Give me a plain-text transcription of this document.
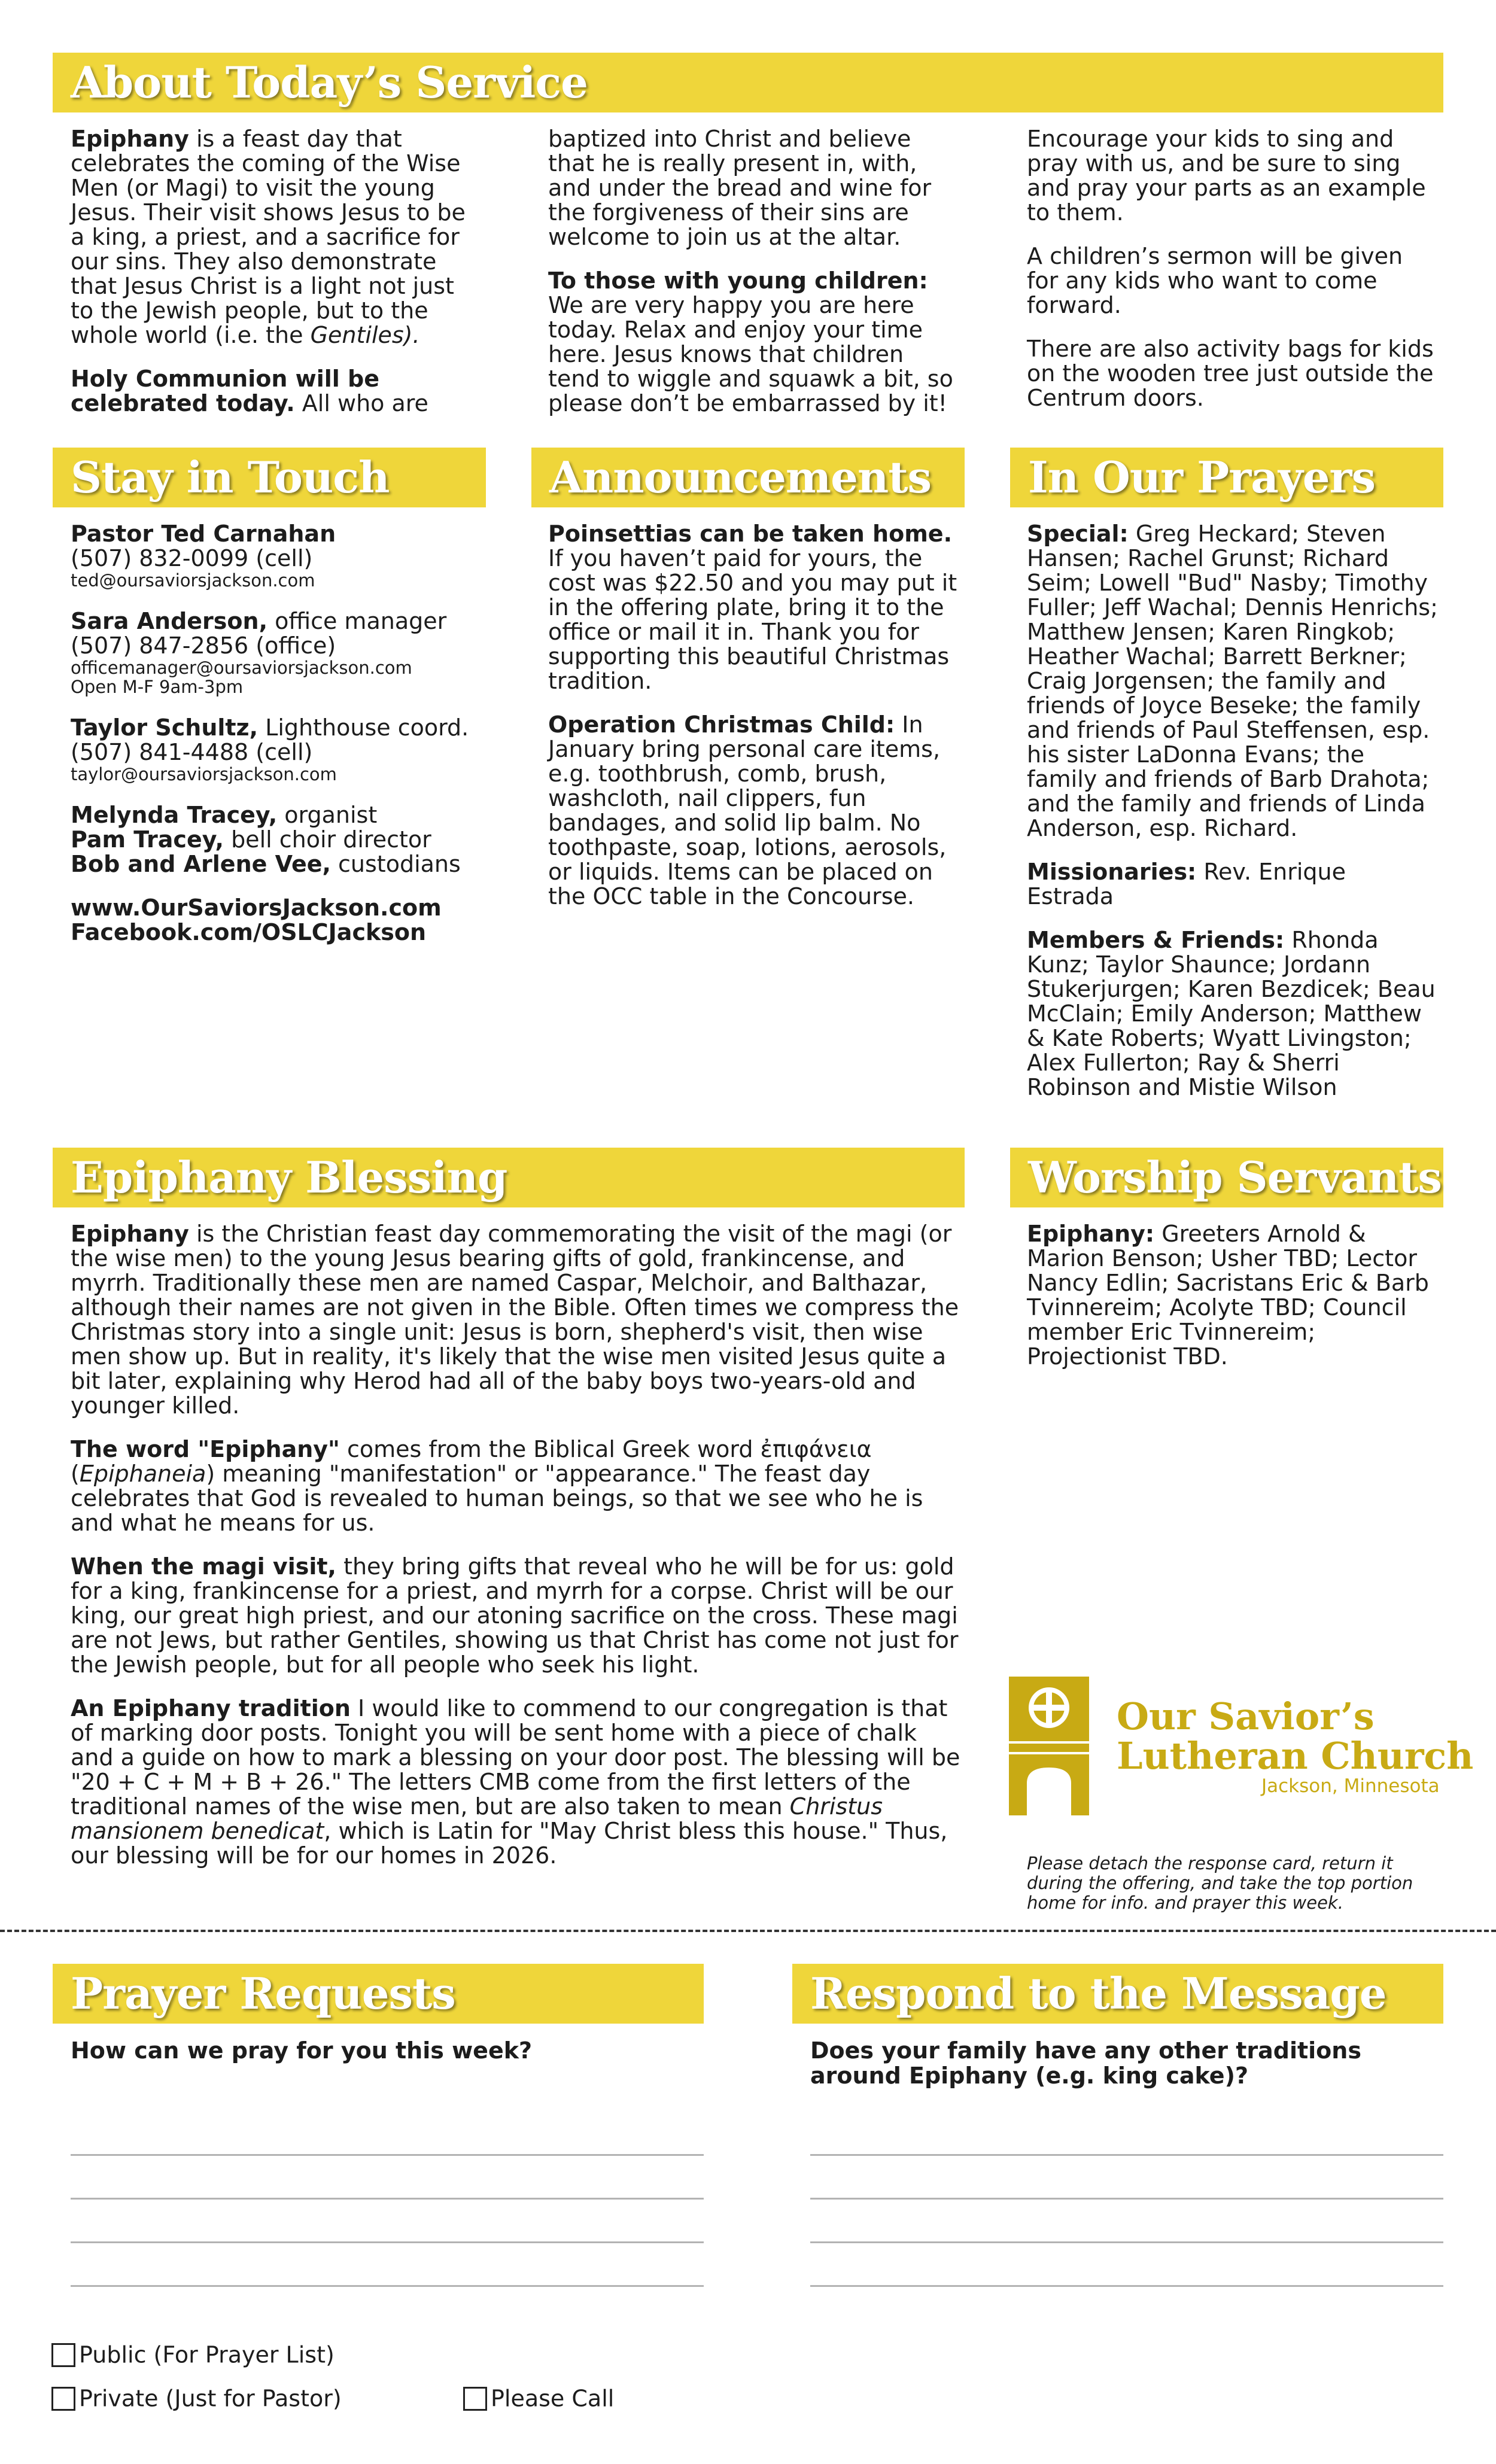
About Today’s Service

Epiphany is a feast day that celebrates the coming of the Wise Men (or Magi) to visit the young Jesus. Their visit shows Jesus to be a king, a priest, and a sacrifice for our sins. They also demonstrate that Jesus Christ is a light not just to the Jewish people, but to the whole world (i.e. the Gentiles).

Holy Communion will be celebrated today. All who are

baptized into Christ and believe that he is really present in, with, and under the bread and wine for the forgiveness of their sins are welcome to join us at the altar.

To those with young children: We are very happy you are here today. Relax and enjoy your time here. Jesus knows that children tend to wiggle and squawk a bit, so please don’t be embarrassed by it!

Encourage your kids to sing and pray with us, and be sure to sing and pray your parts as an example to them.

A children’s sermon will be given for any kids who want to come forward.

There are also activity bags for kids on the wooden tree just outside the Centrum doors.

Stay in Touch
Pastor Ted Carnahan
(507) 832-0099 (cell)

ted@oursaviorsjackson.com
Sara Anderson, office manager
(507) 847-2856 (office)

officemanager@oursaviorsjackson.com
Open M-F 9am-3pm
Taylor Schultz, Lighthouse coord.
(507) 841-4488 (cell)

taylor@oursaviorsjackson.com
Melynda Tracey, organist
Pam Tracey, bell choir director
Bob and Arlene Vee, custodians
www.OurSaviorsJackson.com
Facebook.com/OSLCJackson
Announcements

Poinsettias can be taken home. If you haven’t paid for yours, the cost was $22.50 and you may put it in the offering plate, bring it to the office or mail it in. Thank you for supporting this beautiful Christmas tradition.

Operation Christmas Child: In January bring personal care items, e.g. toothbrush, comb, brush, washcloth, nail clippers, fun bandages, and solid lip balm. No toothpaste, soap, lotions, aerosols, or liquids. Items can be placed on the OCC table in the Concourse.

In Our Prayers

Special: Greg Heckard; Steven Hansen; Rachel Grunst; Richard Seim; Lowell "Bud" Nasby; Timothy Fuller; Jeff Wachal; Dennis Henrichs; Matthew Jensen; Karen Ringkob; Heather Wachal; Barrett Berkner; Craig Jorgensen; the family and friends of Joyce Beseke; the family and friends of Paul Steffensen, esp. his sister LaDonna Evans; the family and friends of Barb Drahota; and the family and friends of Linda Anderson, esp. Richard.

Missionaries: Rev. Enrique Estrada

Members & Friends: Rhonda Kunz; Taylor Shaunce; Jordann Stukerjurgen; Karen Bezdicek; Beau McClain; Emily Anderson; Matthew & Kate Roberts; Wyatt Livingston; Alex Fullerton; Ray & Sherri Robinson and Mistie Wilson

Epiphany Blessing

Epiphany is the Christian feast day commemorating the visit of the magi (or the wise men) to the young Jesus bearing gifts of gold, frankincense, and myrrh. Traditionally these men are named Caspar, Melchoir, and Balthazar, although their names are not given in the Bible. Often times we compress the Christmas story into a single unit: Jesus is born, shepherd's visit, then wise men show up. But in reality, it's likely that the wise men visited Jesus quite a bit later, explaining why Herod had all of the baby boys two-years-old and younger killed.

The word "Epiphany" comes from the Biblical Greek word ἐπιφάνεια (Epiphaneia) meaning "manifestation" or "appearance." The feast day celebrates that God is revealed to human beings, so that we see who he is and what he means for us.

When the magi visit, they bring gifts that reveal who he will be for us: gold for a king, frankincense for a priest, and myrrh for a corpse. Christ will be our king, our great high priest, and our atoning sacrifice on the cross. These magi are not Jews, but rather Gentiles, showing us that Christ has come not just for the Jewish people, but for all people who seek his light.

An Epiphany tradition I would like to commend to our congregation is that of marking door posts. Tonight you will be sent home with a piece of chalk and a guide on how to mark a blessing on your door post. The blessing will be "20 + C + M + B + 26." The letters CMB come from the first letters of the traditional names of the wise men, but are also taken to mean Christus mansionem benedicat, which is Latin for "May Christ bless this house." Thus, our blessing will be for our homes in 2026.

Worship Servants

Epiphany: Greeters Arnold & Marion Benson; Usher TBD; Lector Nancy Edlin; Sacristans Eric & Barb Tvinnereim; Acolyte TBD; Council member Eric Tvinnereim; Projectionist TBD.

Our Savior’s
Lutheran Church
Jackson, Minnesota
Please detach the response card, return it during the offering, and take the top portion home for info. and prayer this week.
Prayer Requests
How can we pray for you this week?
Public (For Prayer List)
Private (Just for Pastor)	Please Call
Respond to the Message
Does your family have any other traditions around Epiphany (e.g. king cake)?
